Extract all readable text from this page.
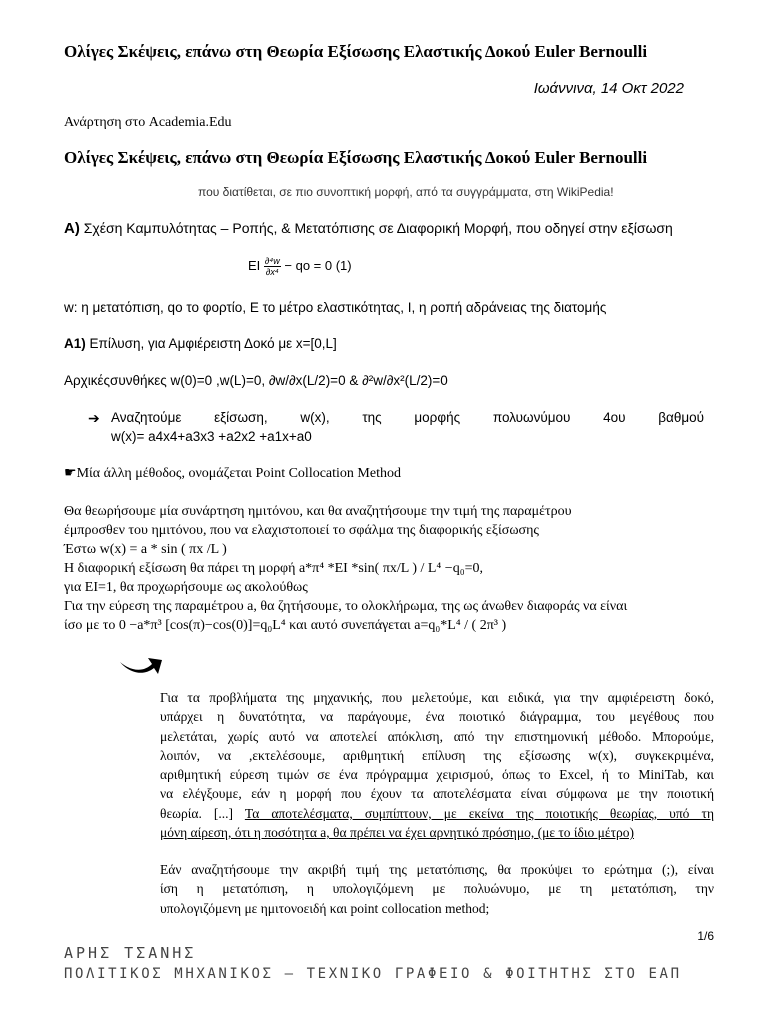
Ολίγες Σκέψεις, επάνω στη Θεωρία Εξίσωσης Ελαστικής Δοκού Euler Bernoulli
Ιωάννινα, 14 Οκτ 2022
Ανάρτηση στο Academia.Edu
Ολίγες Σκέψεις, επάνω στη Θεωρία Εξίσωσης Ελαστικής Δοκού Euler Bernoulli
που διατίθεται, σε πιο συνοπτική μορφή, από τα συγγράμματα, στη WikiPedia!
A) Σχέση Καμπυλότητας – Ροπής, & Μετατόπισης σε Διαφορική Μορφή, που οδηγεί στην εξίσωση
EI $\frac{\text{∂⁴w}}{\text{∂x⁴}}$ − qo = 0 (1)
w: η μετατόπιση, qo το φορτίο, E το μέτρο ελαστικότητας, I, η ροπή αδράνειας της διατομής
A1) Επίλυση, για Αμφιέρειστη Δοκό με x=[0,L]
Αρχικέςσυνθήκες w(0)=0 ,w(L)=0, ∂w/∂x(L/2)=0 & ∂²w/∂x²(L/2)=0
➔ Αναζητούμε εξίσωση, w(x), της μορφής πολυωνύμου 4ου βαθμού
w(x)= a4x4+a3x3 +a2x2 +a1x+a0
☛Μία άλλη μέθοδος, ονομάζεται Point Collocation Method
Θα θεωρήσουμε μία συνάρτηση ημιτόνου, και θα αναζητήσουμε την τιμή της παραμέτρου
έμπροσθεν του ημιτόνου, που να ελαχιστοποιεί το σφάλμα της διαφορικής εξίσωσης
Έστω w(x) = a * sin ( πx /L )
Η διαφορική εξίσωση θα πάρει τη μορφή a*π⁴ *EI *sin( πx/L ) / L⁴ −q₀=0,
για EI=1, θα προχωρήσουμε ως ακολούθως
Για την εύρεση της παραμέτρου a, θα ζητήσουμε, το ολοκλήρωμα, της ως άνωθεν διαφοράς να είναι
ίσο με το 0 −a*π³ [cos(π)−cos(0)]=q₀L⁴ και αυτό συνεπάγεται a=q₀*L⁴ / ( 2π³ )
Για τα προβλήματα της μηχανικής, που μελετούμε, και ειδικά, για την αμφιέρειστη δοκό,
υπάρχει η δυνατότητα, να παράγουμε, ένα ποιοτικό διάγραμμα, του μεγέθους που
μελετάται, χωρίς αυτό να αποτελεί απόκλιση, από την επιστημονική μέθοδο. Μπορούμε,
λοιπόν, να ,εκτελέσουμε, αριθμητική επίλυση της εξίσωσης w(x), συγκεκριμένα,
αριθμητική εύρεση τιμών σε ένα πρόγραμμα χειρισμού, όπως το Excel, ή το MiniTab, και
να ελέγξουμε, εάν η μορφή που έχουν τα αποτελέσματα είναι σύμφωνα με την ποιοτική
θεωρία. [...] Τα αποτελέσματα, συμπίπτουν, με εκείνα της ποιοτικής θεωρίας, υπό τη
μόνη αίρεση, ότι η ποσότητα a, θα πρέπει να έχει αρνητικό πρόσημο, (με το ίδιο μέτρο)
Εάν αναζητήσουμε την ακριβή τιμή της μετατόπισης, θα προκύψει το ερώτημα (;), είναι
ίση η μετατόπιση, η υπολογιζόμενη με πολυώνυμο, με τη μετατόπιση, την
υπολογιζόμενη με ημιτονοειδή και point collocation method;
1/6
ΑΡΗΣ ΤΣΑΝΗΣ
ΠΟΛΙΤΙΚΟΣ ΜΗΧΑΝΙΚΟΣ – ΤΕΧΝΙΚΟ ΓΡΑΦΕΙΟ & ΦΟΙΤΗΤΗΣ ΣΤΟ ΕΑΠ
